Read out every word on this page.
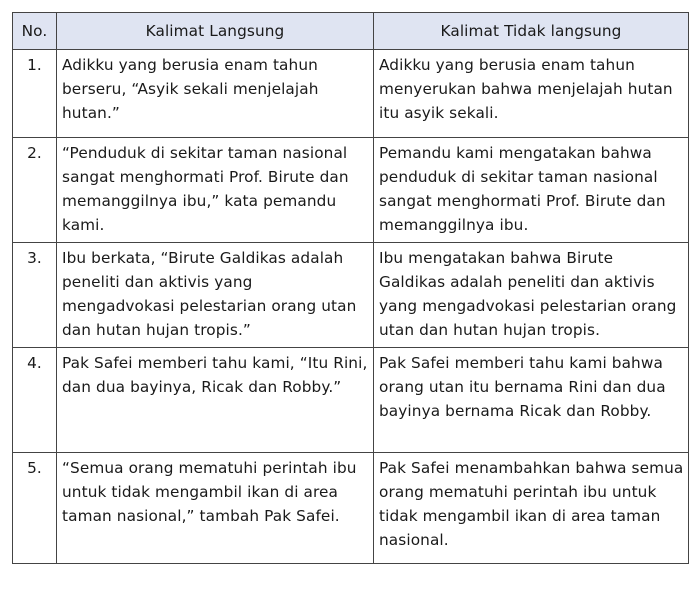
No.	Kalimat Langsung	Kalimat Tidak langsung
1.	Adikku yang berusia enam tahun berseru, “Asyik sekali menjelajah hutan.”	Adikku yang berusia enam tahun menyerukan bahwa menjelajah hutan itu asyik sekali.
2.	“Penduduk di sekitar taman nasional sangat menghormati Prof. Birute dan memanggilnya ibu,” kata pemandu kami.	Pemandu kami mengatakan bahwa penduduk di sekitar taman nasional sangat menghormati Prof. Birute dan memanggilnya ibu.
3.	Ibu berkata, “Birute Galdikas adalah peneliti dan aktivis yang mengadvokasi pelestarian orang utan dan hutan hujan tropis.”	Ibu mengatakan bahwa Birute Galdikas adalah peneliti dan aktivis yang mengadvokasi pelestarian orang utan dan hutan hujan tropis.
4.	Pak Safei memberi tahu kami, “Itu Rini, dan dua bayinya, Ricak dan Robby.”	Pak Safei memberi tahu kami bahwa orang utan itu bernama Rini dan dua bayinya bernama Ricak dan Robby.
5.	“Semua orang mematuhi perintah ibu untuk tidak mengambil ikan di area taman nasional,” tambah Pak Safei.	Pak Safei menambahkan bahwa semua orang mematuhi perintah ibu untuk tidak mengambil ikan di area taman nasional.
